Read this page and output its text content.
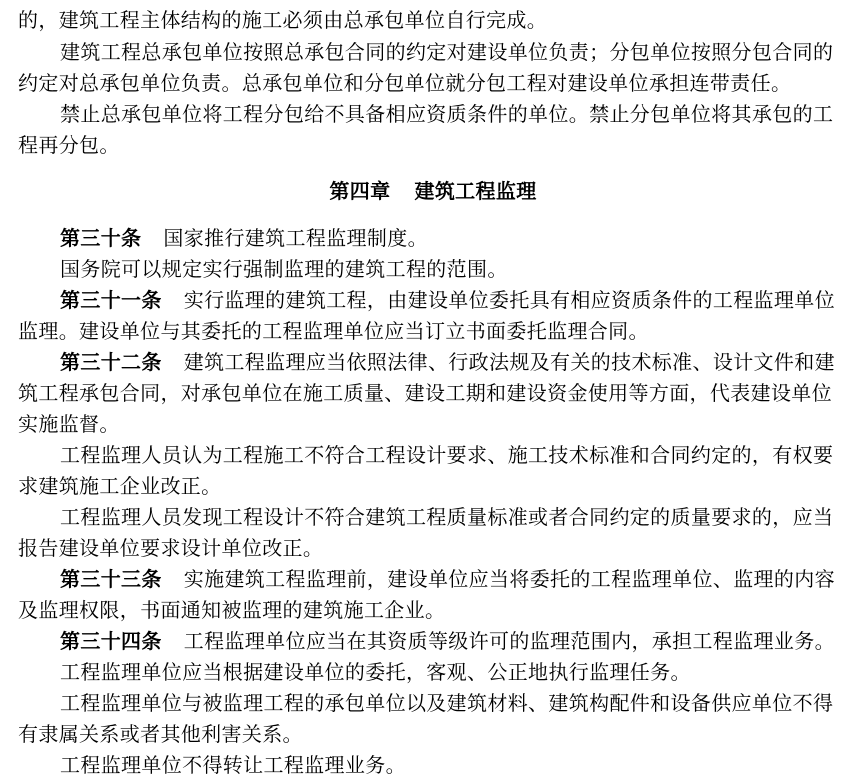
的，建筑工程主体结构的施工必须由总承包单位自行完成。
建筑工程总承包单位按照总承包合同的约定对建设单位负责；分包单位按照分包合同的
约定对总承包单位负责。总承包单位和分包单位就分包工程对建设单位承担连带责任。
禁止总承包单位将工程分包给不具备相应资质条件的单位。禁止分包单位将其承包的工
程再分包。
第四章 建筑工程监理
第三十条 国家推行建筑工程监理制度。
国务院可以规定实行强制监理的建筑工程的范围。
第三十一条 实行监理的建筑工程，由建设单位委托具有相应资质条件的工程监理单位
监理。建设单位与其委托的工程监理单位应当订立书面委托监理合同。
第三十二条 建筑工程监理应当依照法律、行政法规及有关的技术标准、设计文件和建
筑工程承包合同，对承包单位在施工质量、建设工期和建设资金使用等方面，代表建设单位
实施监督。
工程监理人员认为工程施工不符合工程设计要求、施工技术标准和合同约定的，有权要
求建筑施工企业改正。
工程监理人员发现工程设计不符合建筑工程质量标准或者合同约定的质量要求的，应当
报告建设单位要求设计单位改正。
第三十三条 实施建筑工程监理前，建设单位应当将委托的工程监理单位、监理的内容
及监理权限，书面通知被监理的建筑施工企业。
第三十四条 工程监理单位应当在其资质等级许可的监理范围内，承担工程监理业务。
工程监理单位应当根据建设单位的委托，客观、公正地执行监理任务。
工程监理单位与被监理工程的承包单位以及建筑材料、建筑构配件和设备供应单位不得
有隶属关系或者其他利害关系。
工程监理单位不得转让工程监理业务。
